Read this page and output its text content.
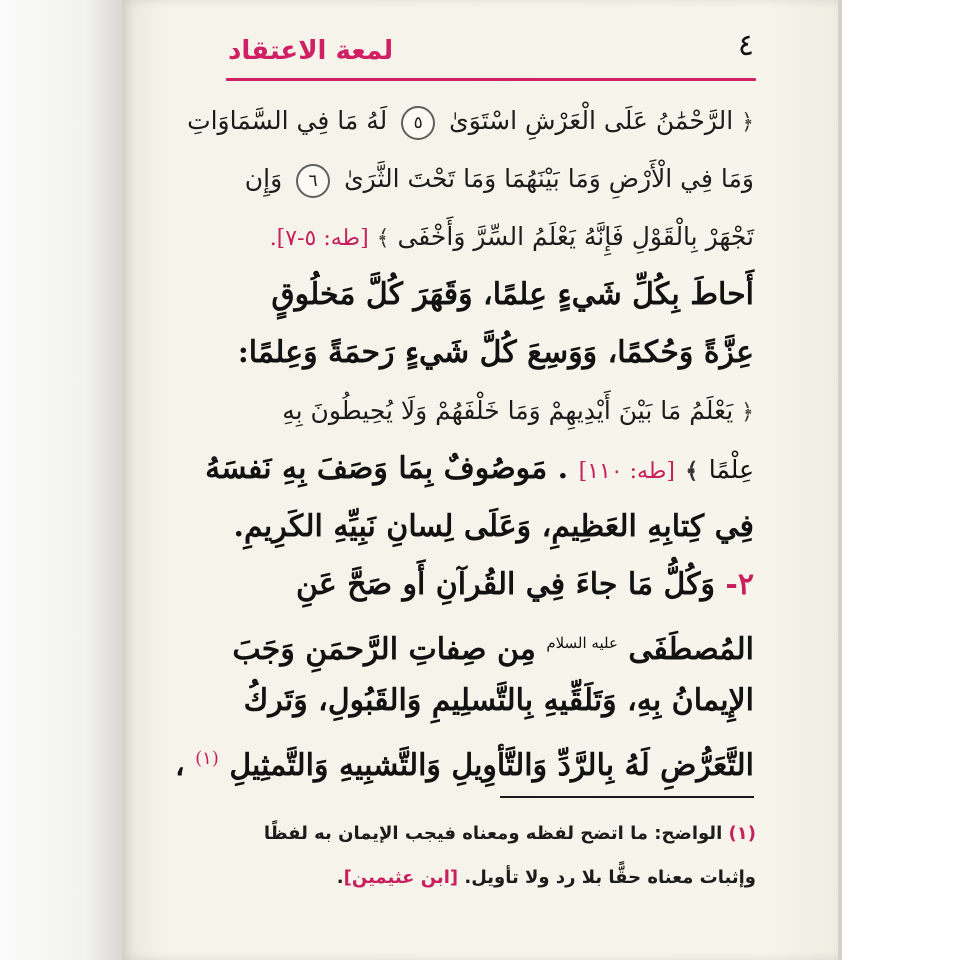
٤
لمعة الاعتقاد
﴿ الرَّحْمَٰنُ عَلَى الْعَرْشِ اسْتَوَىٰ ٥ لَهُ مَا فِي السَّمَاوَاتِ
وَمَا فِي الْأَرْضِ وَمَا بَيْنَهُمَا وَمَا تَحْتَ الثَّرَىٰ ٦ وَإِن
تَجْهَرْ بِالْقَوْلِ فَإِنَّهُ يَعْلَمُ السِّرَّ وَأَخْفَى ﴾ [طه: ٥-٧].
أَحاطَ بِكُلِّ شَيءٍ عِلمًا، وَقَهَرَ كُلَّ مَخلُوقٍ
عِزَّةً وَحُكمًا، وَوَسِعَ كُلَّ شَيءٍ رَحمَةً وَعِلمًا:
﴿ يَعْلَمُ مَا بَيْنَ أَيْدِيهِمْ وَمَا خَلْفَهُمْ وَلَا يُحِيطُونَ بِهِ
عِلْمًا ﴾ [طه: ١١٠] . مَوصُوفٌ بِمَا وَصَفَ بِهِ نَفسَهُ
فِي كِتابِهِ العَظِيمِ، وَعَلَى لِسانِ نَبِيِّهِ الكَرِيمِ.
٢- وَكُلُّ مَا جاءَ فِي القُرآنِ أَو صَحَّ عَنِ
المُصطَفَى $^{عليه السلام}$ مِن صِفاتِ الرَّحمَنِ وَجَبَ
الإِيمانُ بِهِ، وَتَلَقِّيهِ بِالتَّسلِيمِ وَالقَبُولِ، وَتَركُ
التَّعَرُّضِ لَهُ بِالرَّدِّ وَالتَّأوِيلِ وَالتَّشبِيهِ وَالتَّمثِيلِ $^{(١)}$ ،
(١) الواضح: ما اتضح لفظه ومعناه فيجب الإيمان به لفظًا
وإثبات معناه حقًّا بلا رد ولا تأويل. [ابن عثيمين].
